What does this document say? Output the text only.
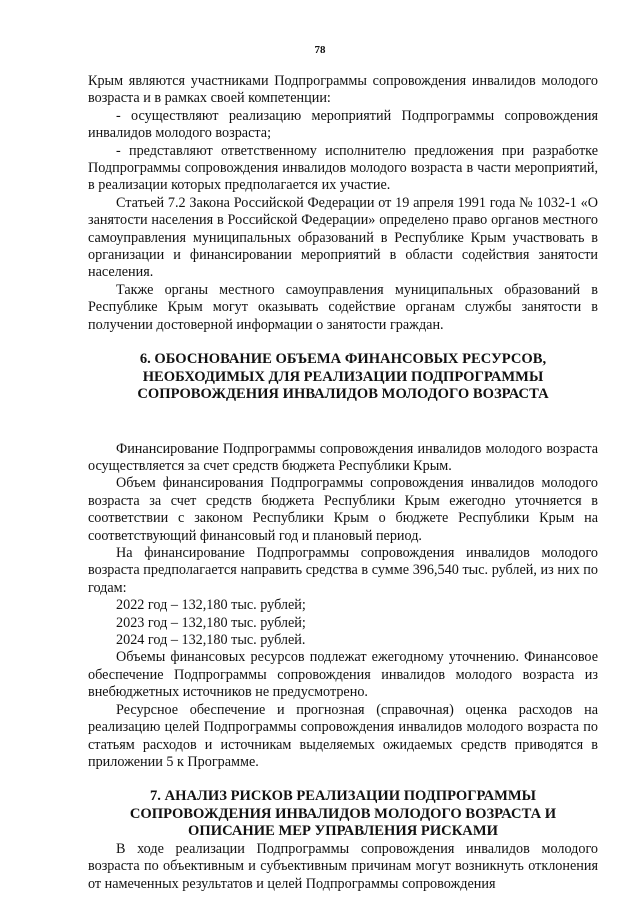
78

Крым являются участниками Подпрограммы сопровождения инвалидов молодого возраста и в рамках своей компетенции:

- осуществляют реализацию мероприятий Подпрограммы сопровождения инвалидов молодого возраста;

- представляют ответственному исполнителю предложения при разработке Подпрограммы сопровождения инвалидов молодого возраста в части мероприятий, в реализации которых предполагается их участие.

Статьей 7.2 Закона Российской Федерации от 19 апреля 1991 года № 1032-1 «О занятости населения в Российской Федерации» определено право органов местного самоуправления муниципальных образований в Республике Крым участвовать в организации и финансировании мероприятий в области содействия занятости населения.

Также органы местного самоуправления муниципальных образований в Республике Крым могут оказывать содействие органам службы занятости в получении достоверной информации о занятости граждан.

6. ОБОСНОВАНИЕ ОБЪЕМА ФИНАНСОВЫХ РЕСУРСОВ,
НЕОБХОДИМЫХ ДЛЯ РЕАЛИЗАЦИИ ПОДПРОГРАММЫ
СОПРОВОЖДЕНИЯ ИНВАЛИДОВ МОЛОДОГО ВОЗРАСТА

Финансирование Подпрограммы сопровождения инвалидов молодого возраста осуществляется за счет средств бюджета Республики Крым.

Объем финансирования Подпрограммы сопровождения инвалидов молодого возраста за счет средств бюджета Республики Крым ежегодно уточняется в соответствии с законом Республики Крым о бюджете Республики Крым на соответствующий финансовый год и плановый период.

На финансирование Подпрограммы сопровождения инвалидов молодого возраста предполагается направить средства в сумме 396,540 тыс. рублей, из них по годам:

2022 год – 132,180 тыс. рублей;

2023 год – 132,180 тыс. рублей;

2024 год – 132,180 тыс. рублей.

Объемы финансовых ресурсов подлежат ежегодному уточнению. Финансовое обеспечение Подпрограммы сопровождения инвалидов молодого возраста из внебюджетных источников не предусмотрено.

Ресурсное обеспечение и прогнозная (справочная) оценка расходов на реализацию целей Подпрограммы сопровождения инвалидов молодого возраста по статьям расходов и источникам выделяемых ожидаемых средств приводятся в приложении 5 к Программе.

7. АНАЛИЗ РИСКОВ РЕАЛИЗАЦИИ ПОДПРОГРАММЫ
СОПРОВОЖДЕНИЯ ИНВАЛИДОВ МОЛОДОГО ВОЗРАСТА И
ОПИСАНИЕ МЕР УПРАВЛЕНИЯ РИСКАМИ

В ходе реализации Подпрограммы сопровождения инвалидов молодого возраста по объективным и субъективным причинам могут возникнуть отклонения от намеченных результатов и целей Подпрограммы сопровождения
